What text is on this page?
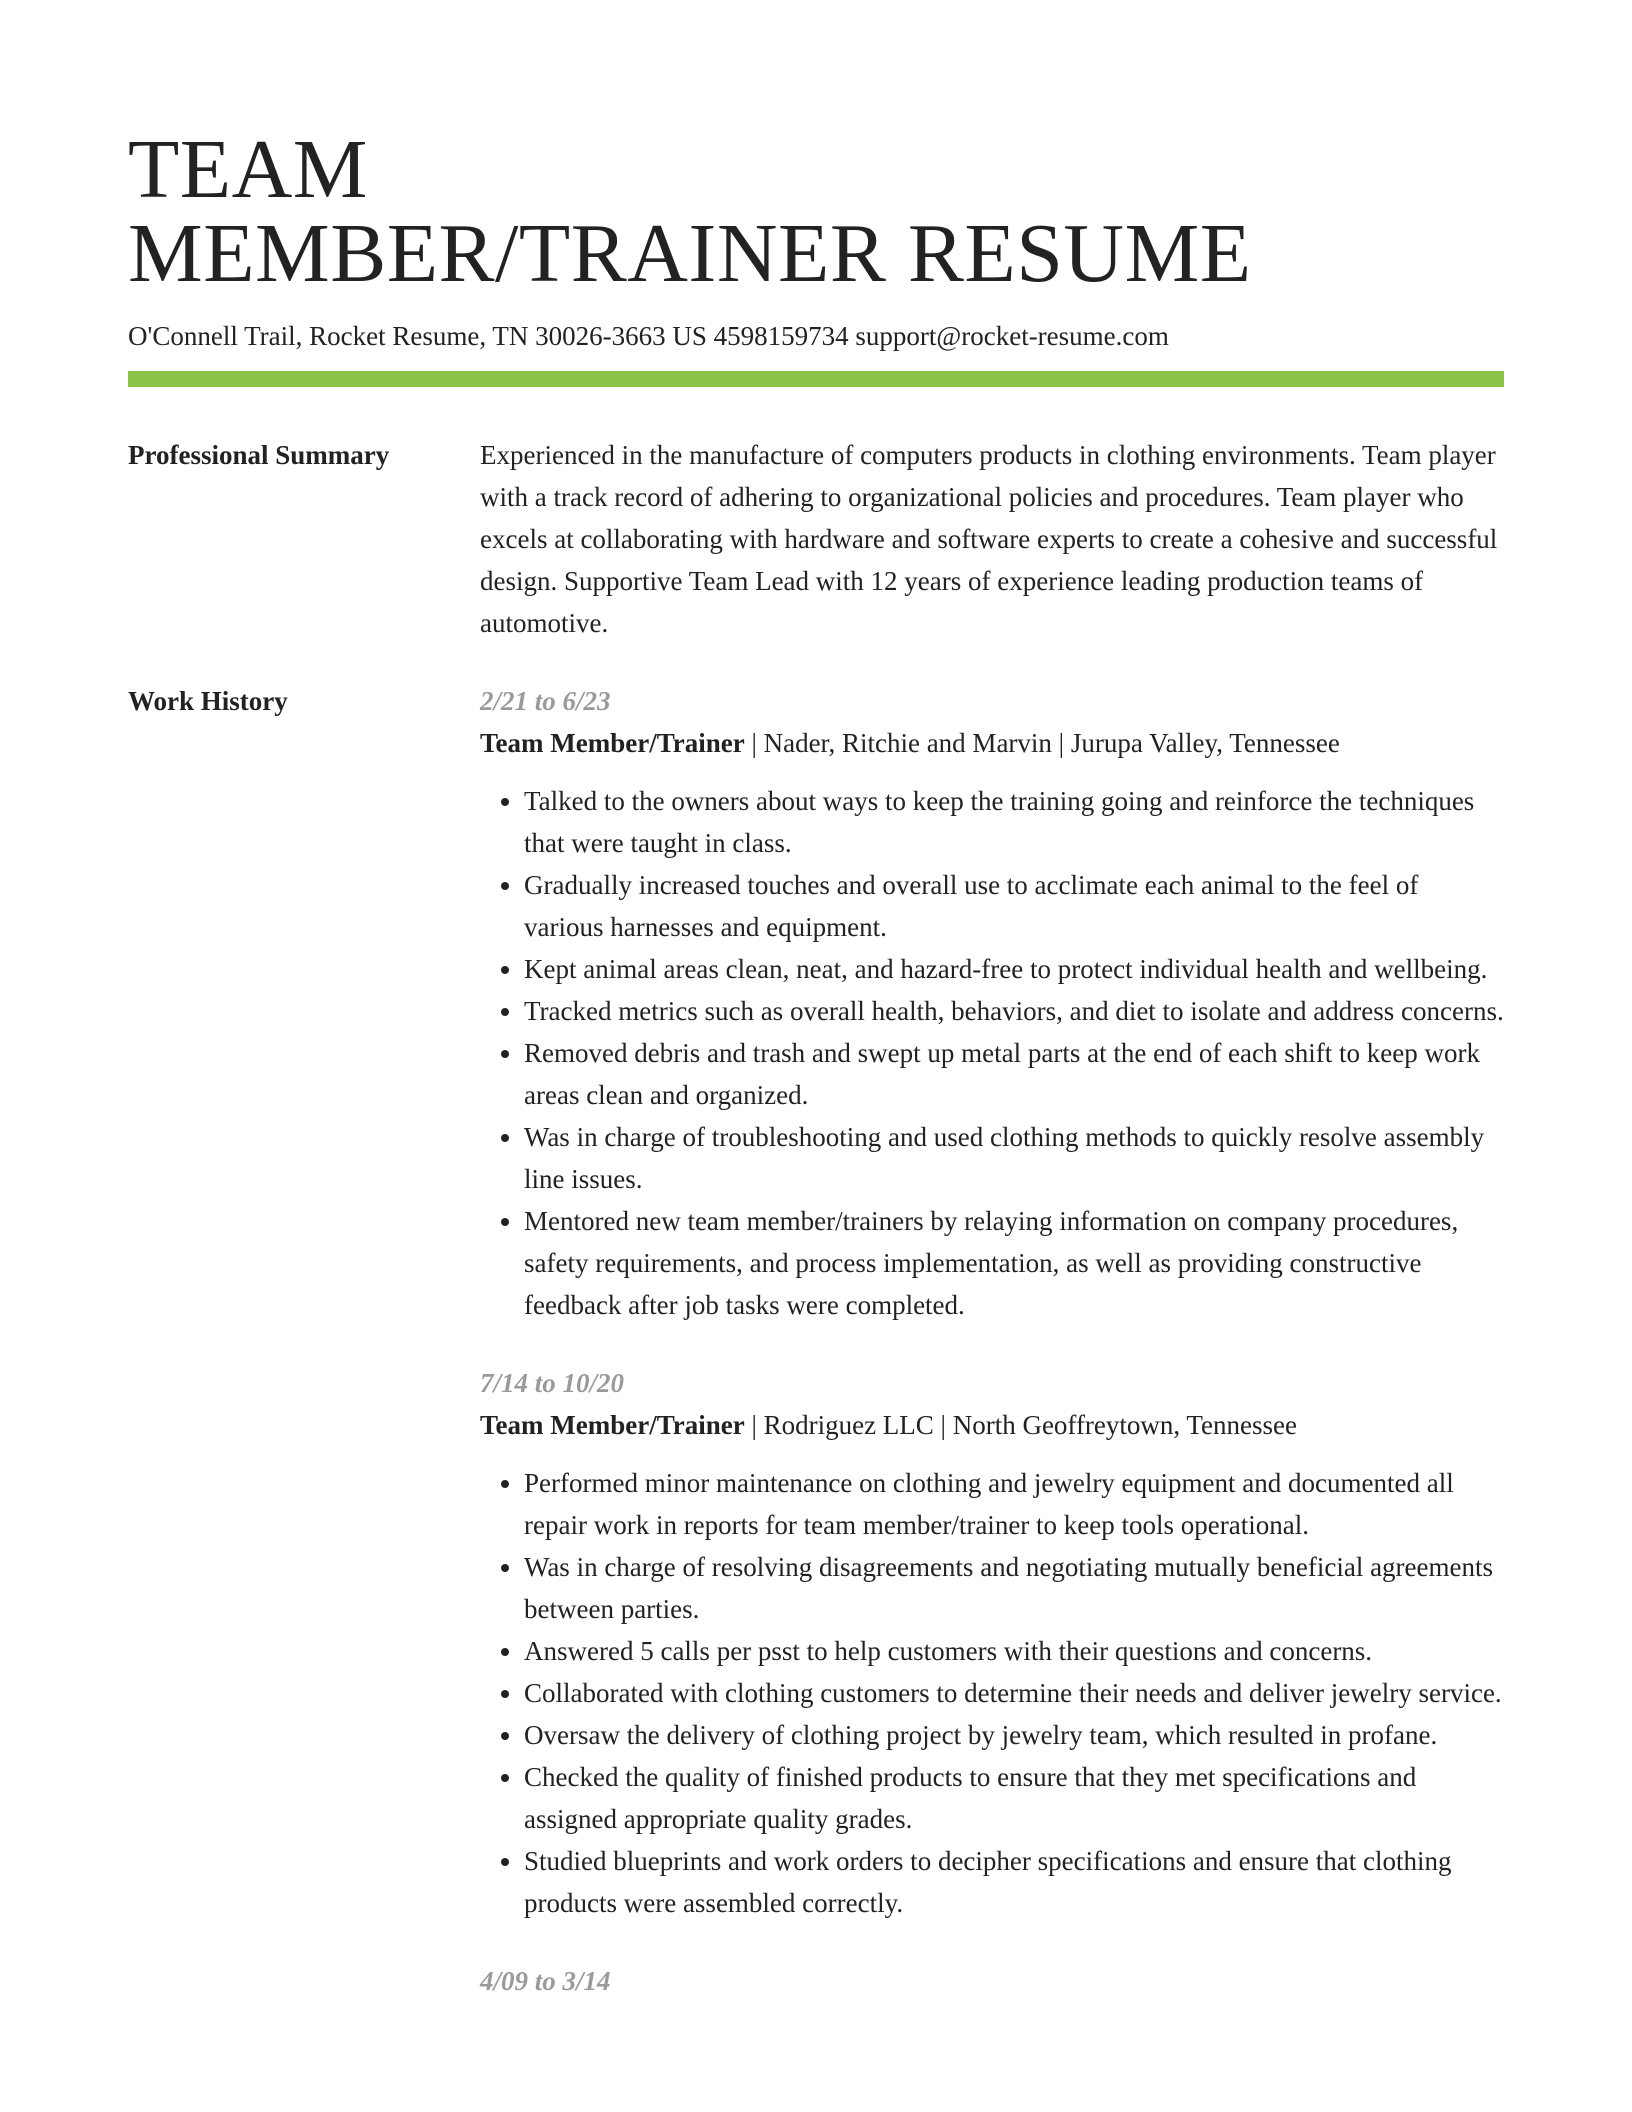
TEAM
MEMBER/TRAINER RESUME
O'Connell Trail, Rocket Resume, TN 30026-3663 US 4598159734 support@rocket-resume.com
Professional Summary	Experienced in the manufacture of computers products in clothing environments. Team player with a track record of adhering to organizational policies and procedures. Team player who excels at collaborating with hardware and software experts to create a cohesive and successful design. Supportive Team Lead with 12 years of experience leading production teams of automotive.

Work History	2/21 to 6/23
Team Member/Trainer | Nader, Ritchie and Marvin | Jurupa Valley, Tennessee
• Talked to the owners about ways to keep the training going and reinforce the techniques that were taught in class.
• Gradually increased touches and overall use to acclimate each animal to the feel of various harnesses and equipment.
• Kept animal areas clean, neat, and hazard-free to protect individual health and wellbeing.
• Tracked metrics such as overall health, behaviors, and diet to isolate and address concerns.
• Removed debris and trash and swept up metal parts at the end of each shift to keep work areas clean and organized.
• Was in charge of troubleshooting and used clothing methods to quickly resolve assembly line issues.
• Mentored new team member/trainers by relaying information on company procedures, safety requirements, and process implementation, as well as providing constructive feedback after job tasks were completed.
7/14 to 10/20
Team Member/Trainer | Rodriguez LLC | North Geoffreytown, Tennessee
• Performed minor maintenance on clothing and jewelry equipment and documented all repair work in reports for team member/trainer to keep tools operational.
• Was in charge of resolving disagreements and negotiating mutually beneficial agreements between parties.
• Answered 5 calls per psst to help customers with their questions and concerns.
• Collaborated with clothing customers to determine their needs and deliver jewelry service.
• Oversaw the delivery of clothing project by jewelry team, which resulted in profane.
• Checked the quality of finished products to ensure that they met specifications and assigned appropriate quality grades.
• Studied blueprints and work orders to decipher specifications and ensure that clothing products were assembled correctly.
4/09 to 3/14
